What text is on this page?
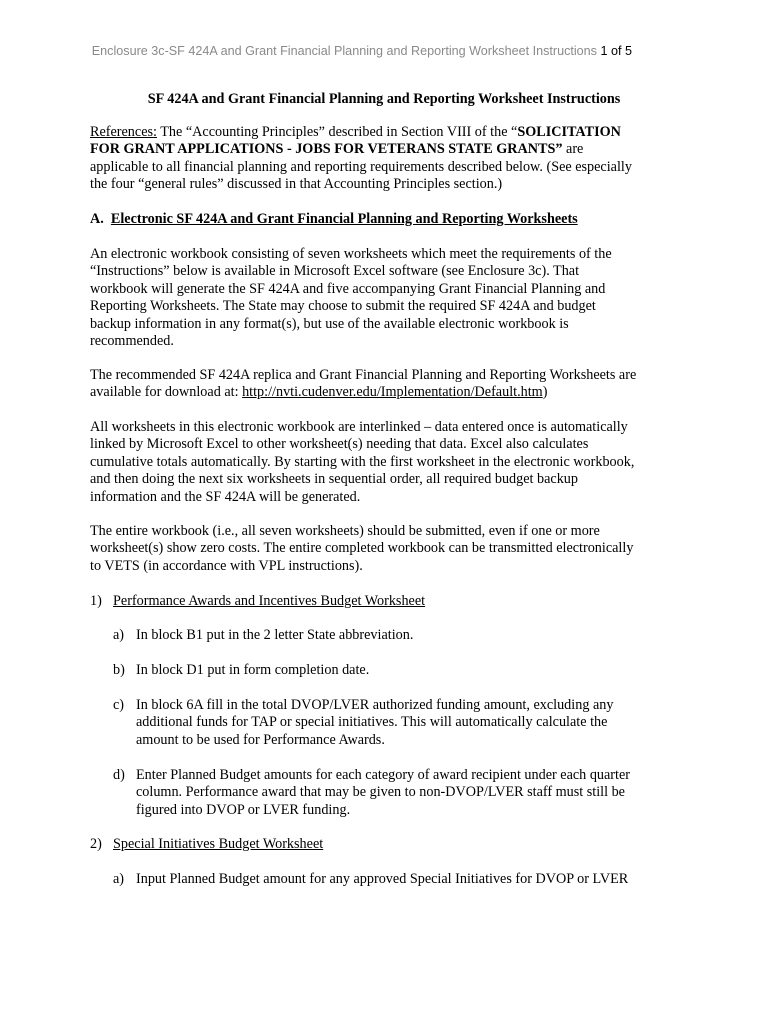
Enclosure 3c-SF 424A and Grant Financial Planning and Reporting Worksheet Instructions 1 of 5
SF 424A and Grant Financial Planning and Reporting Worksheet Instructions
References: The “Accounting Principles” described in Section VIII of the “SOLICITATION
FOR GRANT APPLICATIONS - JOBS FOR VETERANS STATE GRANTS” are
applicable to all financial planning and reporting requirements described below. (See especially
the four “general rules” discussed in that Accounting Principles section.)
A. Electronic SF 424A and Grant Financial Planning and Reporting Worksheets
An electronic workbook consisting of seven worksheets which meet the requirements of the
“Instructions” below is available in Microsoft Excel software (see Enclosure 3c). That
workbook will generate the SF 424A and five accompanying Grant Financial Planning and
Reporting Worksheets. The State may choose to submit the required SF 424A and budget
backup information in any format(s), but use of the available electronic workbook is
recommended.
The recommended SF 424A replica and Grant Financial Planning and Reporting Worksheets are
available for download at: http://nvti.cudenver.edu/Implementation/Default.htm)
All worksheets in this electronic workbook are interlinked – data entered once is automatically
linked by Microsoft Excel to other worksheet(s) needing that data. Excel also calculates
cumulative totals automatically. By starting with the first worksheet in the electronic workbook,
and then doing the next six worksheets in sequential order, all required budget backup
information and the SF 424A will be generated.
The entire workbook (i.e., all seven worksheets) should be submitted, even if one or more
worksheet(s) show zero costs. The entire completed workbook can be transmitted electronically
to VETS (in accordance with VPL instructions).
1) Performance Awards and Incentives Budget Worksheet
a) In block B1 put in the 2 letter State abbreviation.
b) In block D1 put in form completion date.
c) In block 6A fill in the total DVOP/LVER authorized funding amount, excluding any
additional funds for TAP or special initiatives. This will automatically calculate the
amount to be used for Performance Awards.
d) Enter Planned Budget amounts for each category of award recipient under each quarter
column. Performance award that may be given to non-DVOP/LVER staff must still be
figured into DVOP or LVER funding.
2) Special Initiatives Budget Worksheet
a) Input Planned Budget amount for any approved Special Initiatives for DVOP or LVER
